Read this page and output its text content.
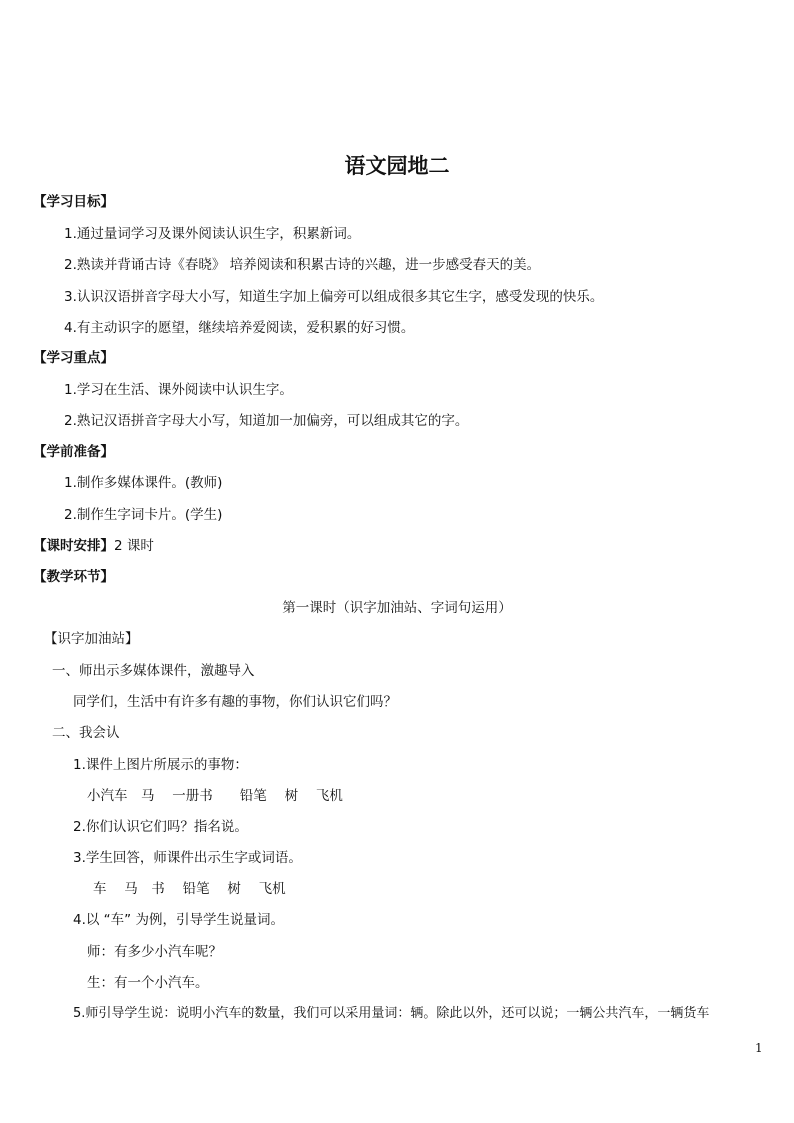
语文园地二
【学习目标】
1.通过量词学习及课外阅读认识生字，积累新词。
2.熟读并背诵古诗《春晓》 培养阅读和积累古诗的兴趣，进一步感受春天的美。
3.认识汉语拼音字母大小写，知道生字加上偏旁可以组成很多其它生字，感受发现的快乐。
4.有主动识字的愿望，继续培养爱阅读，爱积累的好习惯。
【学习重点】
1.学习在生活、课外阅读中认识生字。
2.熟记汉语拼音字母大小写，知道加一加偏旁，可以组成其它的字。
【学前准备】
1.制作多媒体课件。(教师)
2.制作生字词卡片。(学生)
【课时安排】2 课时
【教学环节】
第一课时（识字加油站、字词句运用）
【识字加油站】
一、师出示多媒体课件，激趣导入
同学们，生活中有许多有趣的事物，你们认识它们吗？
二、我会认
1.课件上图片所展示的事物：
小汽车　马　 一册书　　铅笔　 树 　飞机
2.你们认识它们吗？指名说。
3.学生回答，师课件出示生字或词语。
车　 马　书　 铅笔　 树 　飞机
4.以 “车” 为例，引导学生说量词。
师：有多少小汽车呢？
生：有一个小汽车。
5.师引导学生说：说明小汽车的数量，我们可以采用量词：辆。除此以外，还可以说；一辆公共汽车，一辆货车
1
